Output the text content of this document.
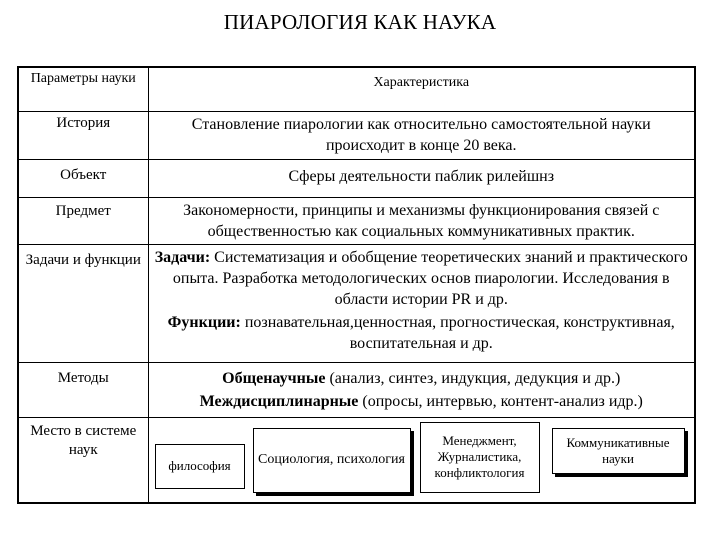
ПИАРОЛОГИЯ КАК НАУКА
Параметры науки	Характеристика
История	Становление пиарологии как относительно самостоятельной науки происходит в конце 20 века.
Объект	Сферы деятельности паблик рилейшнз
Предмет	Закономерности, принципы и механизмы функционирования связей с общественностью как социальных коммуникативных практик.
Задачи и функции	Задачи: Систематизация и обобщение теоретических знаний и практического опыта. Разработка методологических основ пиарологии. Исследования в области истории PR и др.
Функции: познавательная,ценностная, прогностическая, конструктивная, воспитательная и др.

Методы	Общенаучные (анализ, синтез, индукция, дедукция и др.)
Междисциплинарные (опросы, интервью, контент-анализ идр.)

Место в системе наук	философия Социология, психология
Менеджмент, Журналистика, конфликтология
Коммуникативные науки
